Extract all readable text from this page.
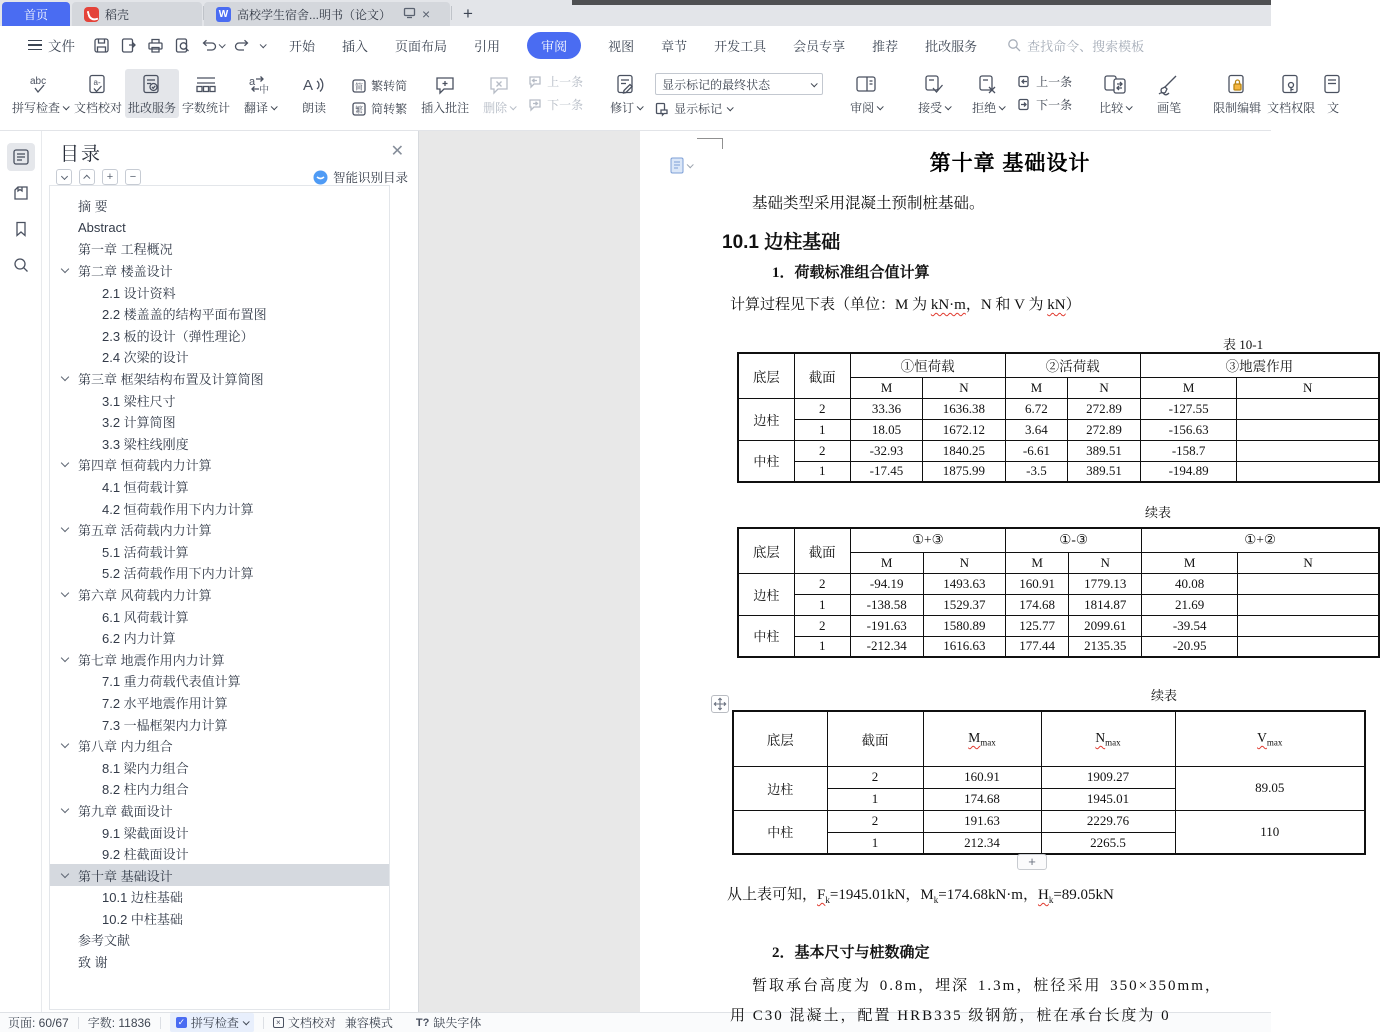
首页	稻壳	W 高校学生宿舍...明书（论文） ×	+
文件	开始 插入 页面布局 引用	审阅	视图 章节 开发工具 会员专享 推荐 批改服务	查找命令、搜索模板
abc
拼写检查
a-
文档校对 批改服务 字数统计
a
中
翻译
A
朗读
简 繁转简
繁 简转繁 插入批注 删除
上一条
下一条 修订
显示标记的最终状态
显示标记	审阅	接受 拒绝
上一条
下一条 比较	画笔	限制编辑 文档权限 文
目录	✕
+	−	智能识别目录
摘 要
Abstract
第一章 工程概况
第二章 楼盖设计
2.1 设计资料
2.2 楼盖盖的结构平面布置图
2.3 板的设计（弹性理论）
2.4 次梁的设计
第三章 框架结构布置及计算简图
3.1 梁柱尺寸
3.2 计算简图
3.3 梁柱线刚度
第四章 恒荷载内力计算
4.1 恒荷载计算
4.2 恒荷载作用下内力计算
第五章 活荷载内力计算
5.1 活荷载计算
5.2 活荷载作用下内力计算
第六章 风荷载内力计算
6.1 风荷载计算
6.2 内力计算
第七章 地震作用内力计算
7.1 重力荷载代表值计算
7.2 水平地震作用计算
7.3 一榀框架内力计算
第八章 内力组合
8.1 梁内力组合
8.2 柱内力组合
第九章 截面设计
9.1 梁截面设计
9.2 柱截面设计
第十章 基础设计
10.1 边柱基础
10.2 中柱基础
参考文献
致 谢
第十章 基础设计
基础类型采用混凝土预制桩基础。
10.1 边柱基础
1．荷载标准组合值计算
计算过程见下表（单位：M 为 kN·m，N 和 V 为 kN）
表 10-1
底层	截面	①恒荷载		②活荷载		③地震作用	
		M	N	M	N	M	N
边柱	2	33.36	1636.38	6.72	272.89	-127.55	
	1	18.05	1672.12	3.64	272.89	-156.63	
中柱	2	-32.93	1840.25	-6.61	389.51	-158.7	
	1	-17.45	1875.99	-3.5	389.51	-194.89	
续表
底层	截面	①+③		①-③		①+②	
		M	N	M	N	M	N
边柱	2	-94.19	1493.63	160.91	1779.13	40.08	
	1	-138.58	1529.37	174.68	1814.87	21.69	
中柱	2	-191.63	1580.89	125.77	2099.61	-39.54	
	1	-212.34	1616.63	177.44	2135.35	-20.95	
续表
底层	截面	$M_{max}$	$N_{max}$	$V_{max}$
边柱	2	160.91	1909.27	89.05
	1	174.68	1945.01	
中柱	2	191.63	2229.76	110
	1	212.34	2265.5	
+
从上表可知，$F_k=1945.01kN$，$M_k=174.68kN\cdot m$，$H_k=89.05kN$
2．基本尺寸与桩数确定
暂取承台高度为 0.8m，埋深 1.3m，桩径采用 350×350mm，
用 C30 混凝土，配置 HRB335 级钢筋，桩在承台长度为 0
页面: 60/67 字数: 11836	✓ 拼写检查	× 文档校对 兼容模式 T? 缺失字体
